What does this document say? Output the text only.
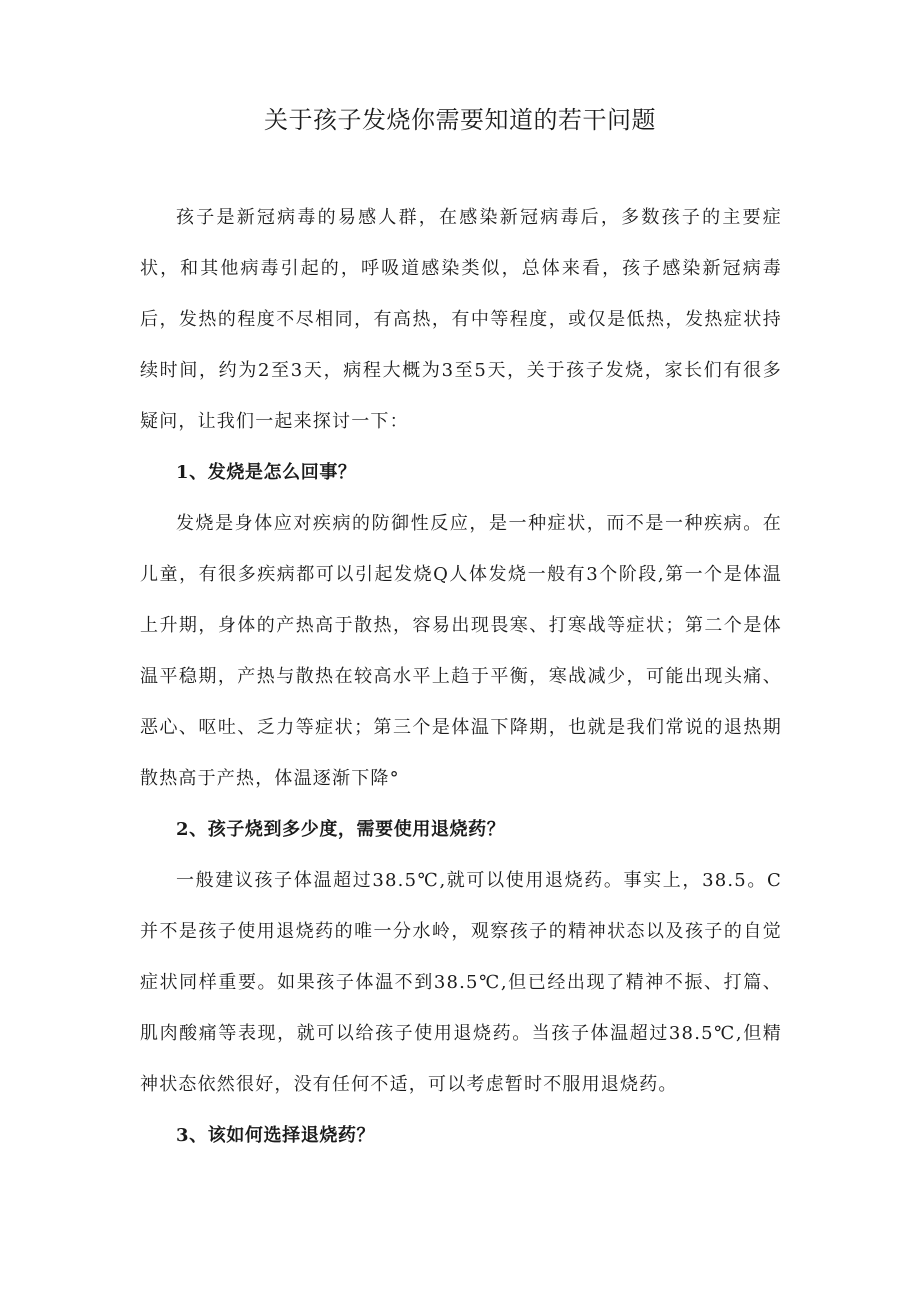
关于孩子发烧你需要知道的若干问题

孩子是新冠病毒的易感人群，在感染新冠病毒后，多数孩子的主要症状，和其他病毒引起的，呼吸道感染类似，总体来看，孩子感染新冠病毒后，发热的程度不尽相同，有高热，有中等程度，或仅是低热，发热症状持续时间，约为2至3天，病程大概为3至5天，关于孩子发烧，家长们有很多疑问，让我们一起来探讨一下：

1、发烧是怎么回事？

发烧是身体应对疾病的防御性反应，是一种症状，而不是一种疾病。在儿童，有很多疾病都可以引起发烧Q人体发烧一般有3个阶段,第一个是体温上升期，身体的产热高于散热，容易出现畏寒、打寒战等症状；第二个是体温平稳期，产热与散热在较高水平上趋于平衡，寒战减少，可能出现头痛、恶心、呕吐、乏力等症状；第三个是体温下降期，也就是我们常说的退热期散热高于产热，体温逐渐下降°

2、孩子烧到多少度，需要使用退烧药？

一般建议孩子体温超过38.5℃,就可以使用退烧药。事实上，38.5。C并不是孩子使用退烧药的唯一分水岭，观察孩子的精神状态以及孩子的自觉症状同样重要。如果孩子体温不到38.5℃,但已经出现了精神不振、打篇、肌肉酸痛等表现，就可以给孩子使用退烧药。当孩子体温超过38.5℃,但精神状态依然很好，没有任何不适，可以考虑暂时不服用退烧药。

3、该如何选择退烧药？
